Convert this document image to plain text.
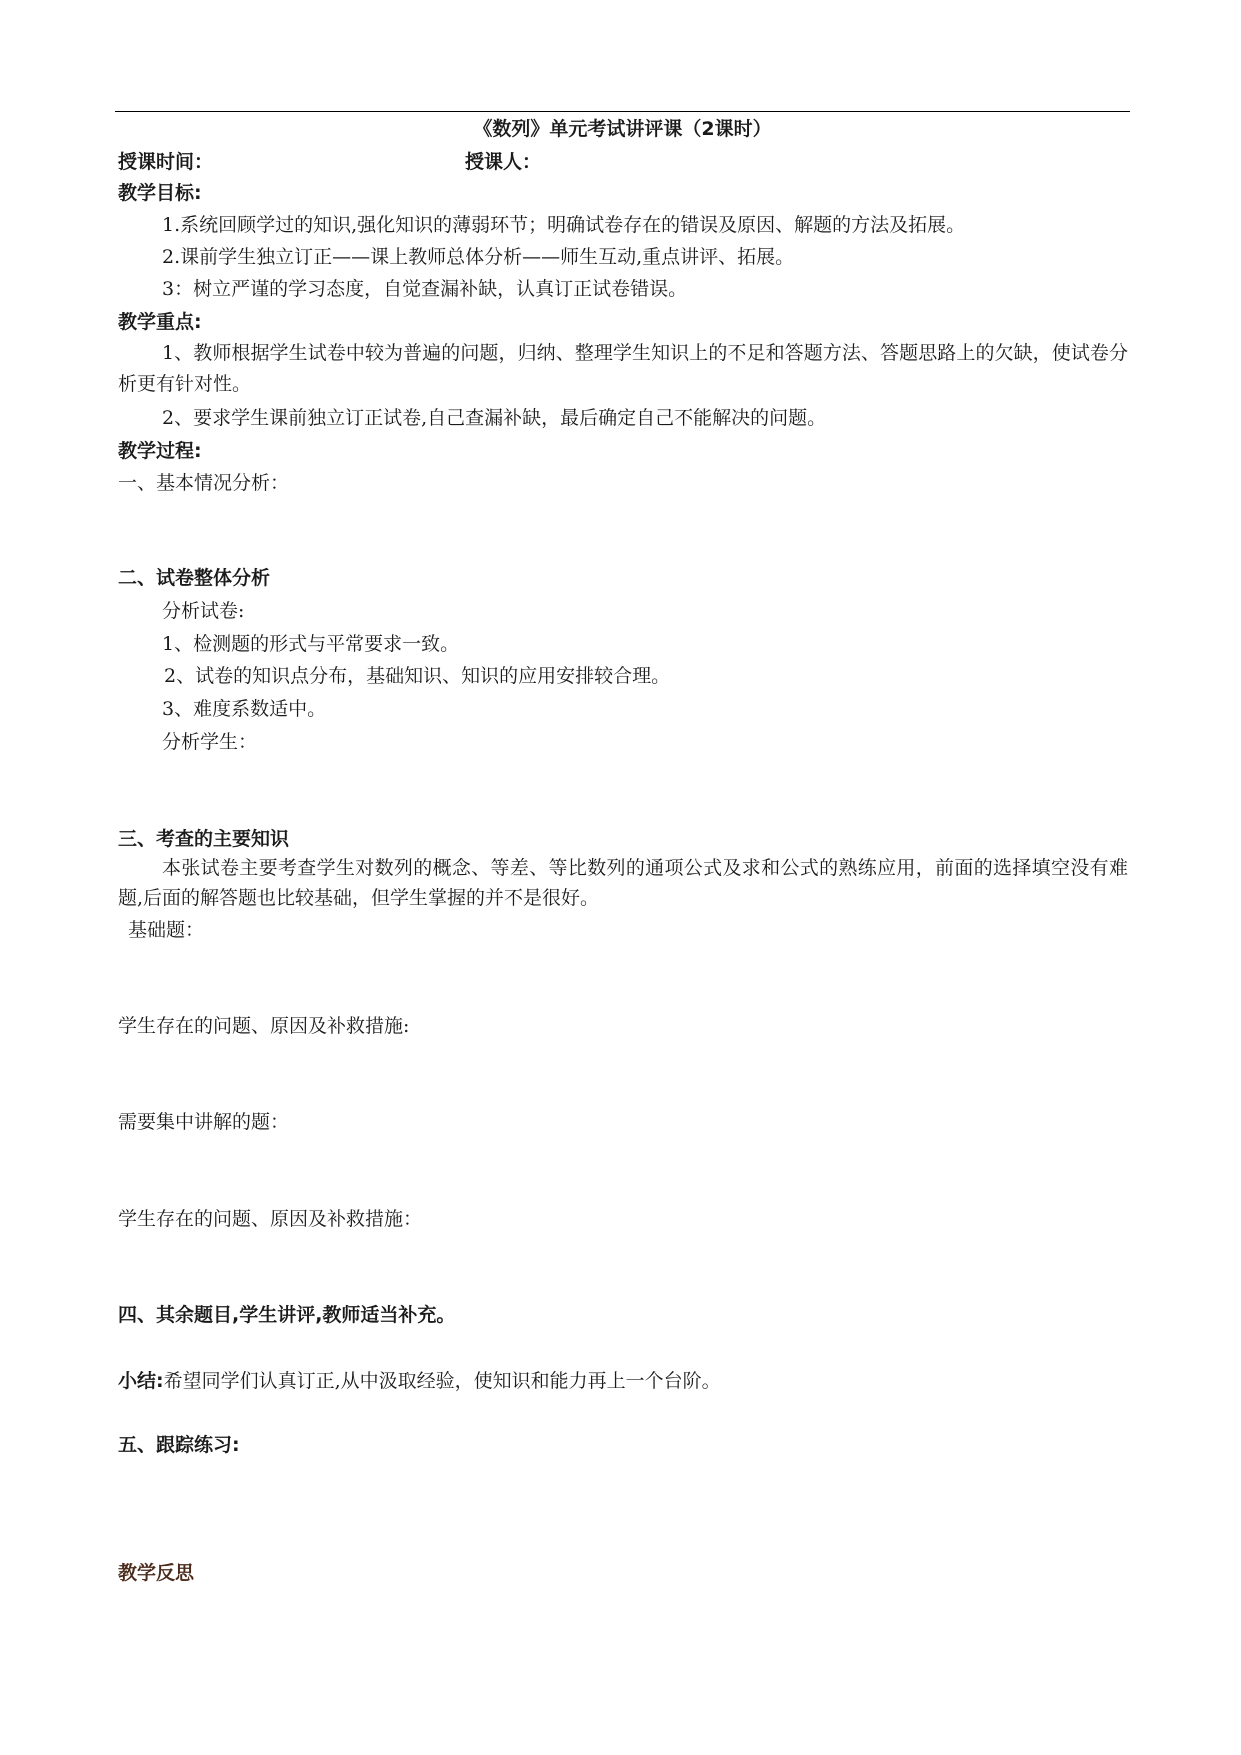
《数列》单元考试讲评课（2课时）
授课时间：	授课人：
教学目标:
1.系统回顾学过的知识,强化知识的薄弱环节；明确试卷存在的错误及原因、解题的方法及拓展。
2.课前学生独立订正——课上教师总体分析——师生互动,重点讲评、拓展。
3：树立严谨的学习态度，自觉查漏补缺，认真订正试卷错误。
教学重点:
1、教师根据学生试卷中较为普遍的问题，归纳、整理学生知识上的不足和答题方法、答题思路上的欠缺，使试卷分析更有针对性。
2、要求学生课前独立订正试卷,自己查漏补缺，最后确定自己不能解决的问题。
教学过程:
一、基本情况分析：
二、试卷整体分析
分析试卷:
1、检测题的形式与平常要求一致。
2、试卷的知识点分布，基础知识、知识的应用安排较合理。
3、难度系数适中。
分析学生：
三、考查的主要知识
本张试卷主要考查学生对数列的概念、等差、等比数列的通项公式及求和公式的熟练应用，前面的选择填空没有难题,后面的解答题也比较基础，但学生掌握的并不是很好。
基础题：
学生存在的问题、原因及补救措施:
需要集中讲解的题：
学生存在的问题、原因及补救措施：
四、其余题目,学生讲评,教师适当补充。
小结:希望同学们认真订正,从中汲取经验，使知识和能力再上一个台阶。
五、跟踪练习:
教学反思
